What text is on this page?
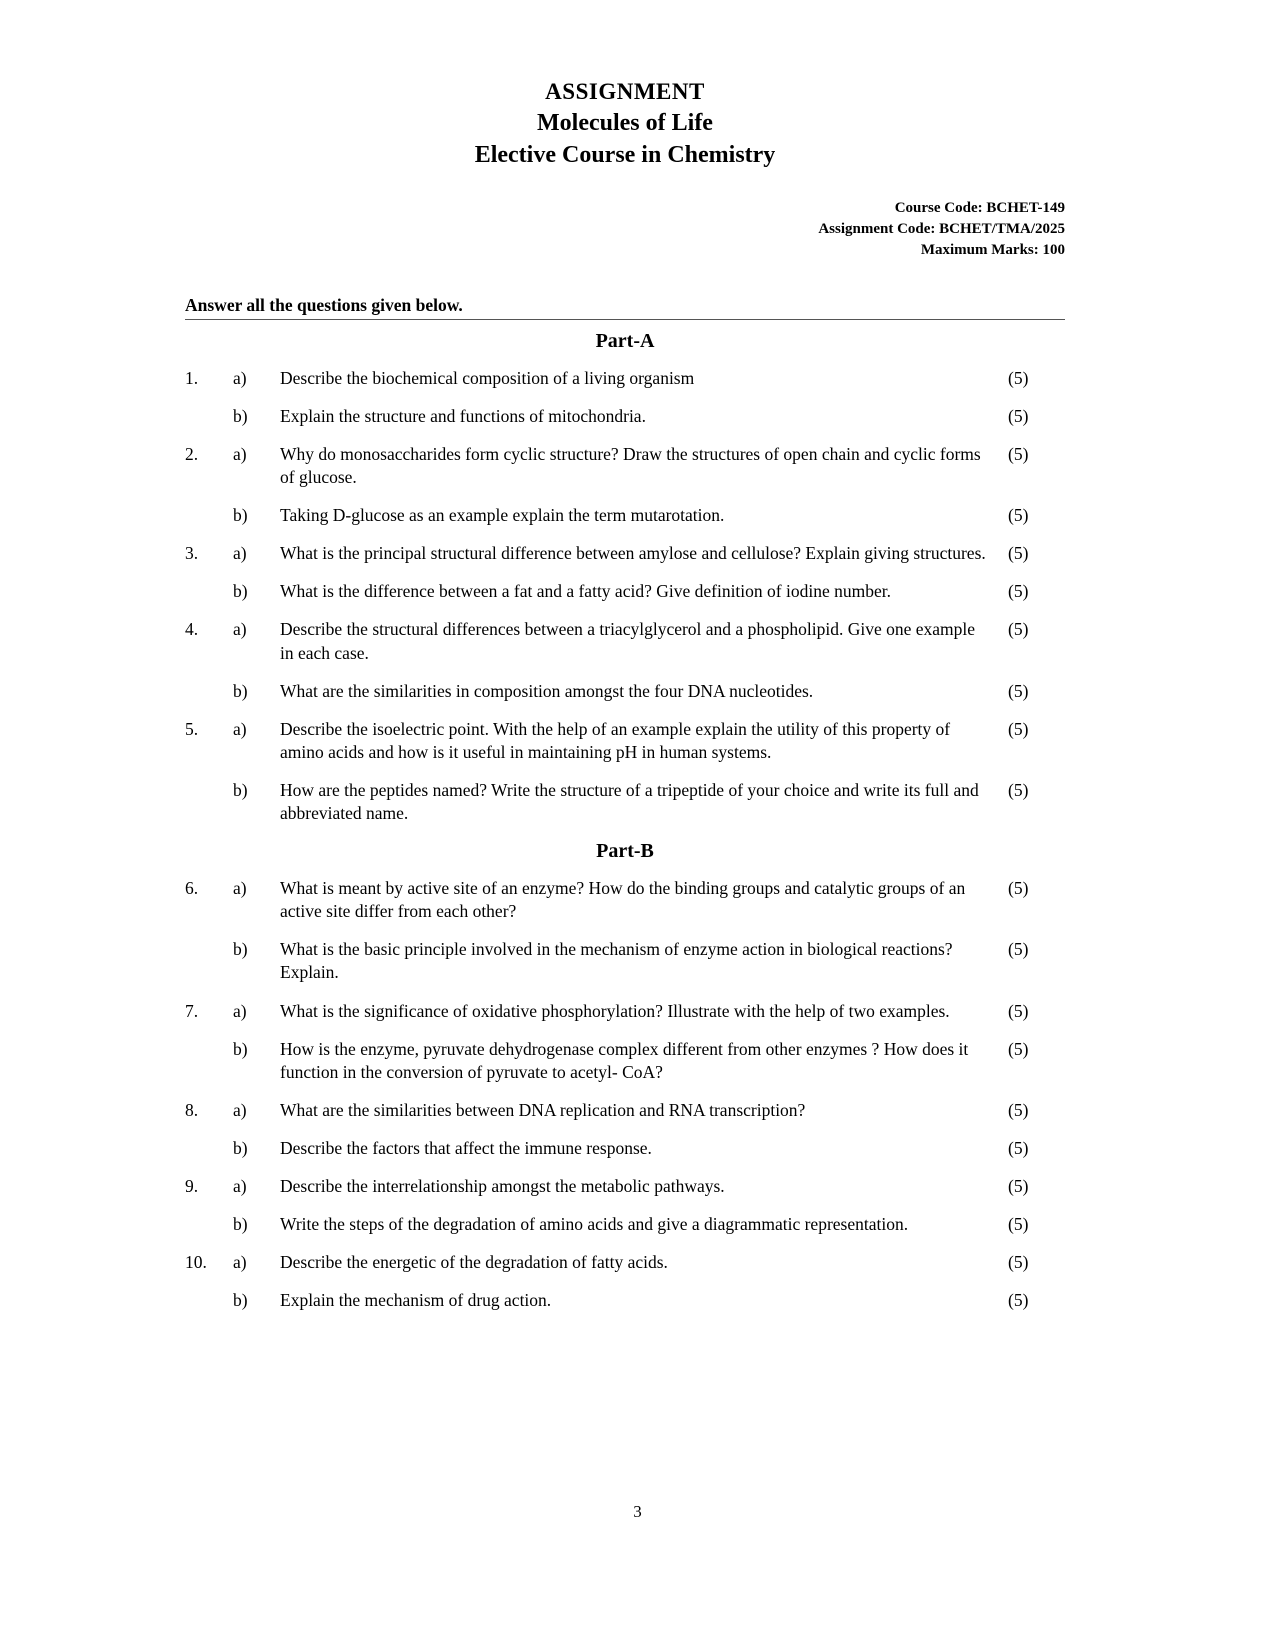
ASSIGNMENT
Molecules of Life
Elective Course in Chemistry
Course Code: BCHET-149
Assignment Code: BCHET/TMA/2025
Maximum Marks: 100
Answer all the questions given below.
Part-A
1.	a)	Describe the biochemical composition of a living organism	(5)
b)	Explain the structure and functions of mitochondria.	(5)
2.	a)	Why do monosaccharides form cyclic structure? Draw the structures of open chain and cyclic forms of glucose.
(5)
b)	Taking D-glucose as an example explain the term mutarotation.	(5)
3.	a)	What is the principal structural difference between amylose and cellulose? Explain giving structures.	(5)
b)	What is the difference between a fat and a fatty acid? Give definition of iodine number.	(5)
4.	a)	Describe the structural differences between a triacylglycerol and a phospholipid. Give one example in each case.
(5)
b)	What are the similarities in composition amongst the four DNA nucleotides.	(5)
5.	a)	Describe the isoelectric point. With the help of an example explain the utility of this property of amino acids and how is it useful in maintaining pH in human systems.
(5)
b)	How are the peptides named? Write the structure of a tripeptide of your choice and write its full and abbreviated name.
(5)
Part-B
6.	a)	What is meant by active site of an enzyme? How do the binding groups and catalytic groups of an active site differ from each other?
(5)
b)	What is the basic principle involved in the mechanism of enzyme action in biological reactions? Explain.
(5)
7.	a)	What is the significance of oxidative phosphorylation? Illustrate with the help of two examples.	(5)
b)	How is the enzyme, pyruvate dehydrogenase complex different from other enzymes ? How does it function in the conversion of pyruvate to acetyl- CoA?
(5)
8.	a)	What are the similarities between DNA replication and RNA transcription?	(5)
b)	Describe the factors that affect the immune response.	(5)
9.	a)	Describe the interrelationship amongst the metabolic pathways.	(5)
b)	Write the steps of the degradation of amino acids and give a diagrammatic representation.	(5)
10.	a)	Describe the energetic of the degradation of fatty acids.	(5)
b)	Explain the mechanism of drug action.	(5)
3
